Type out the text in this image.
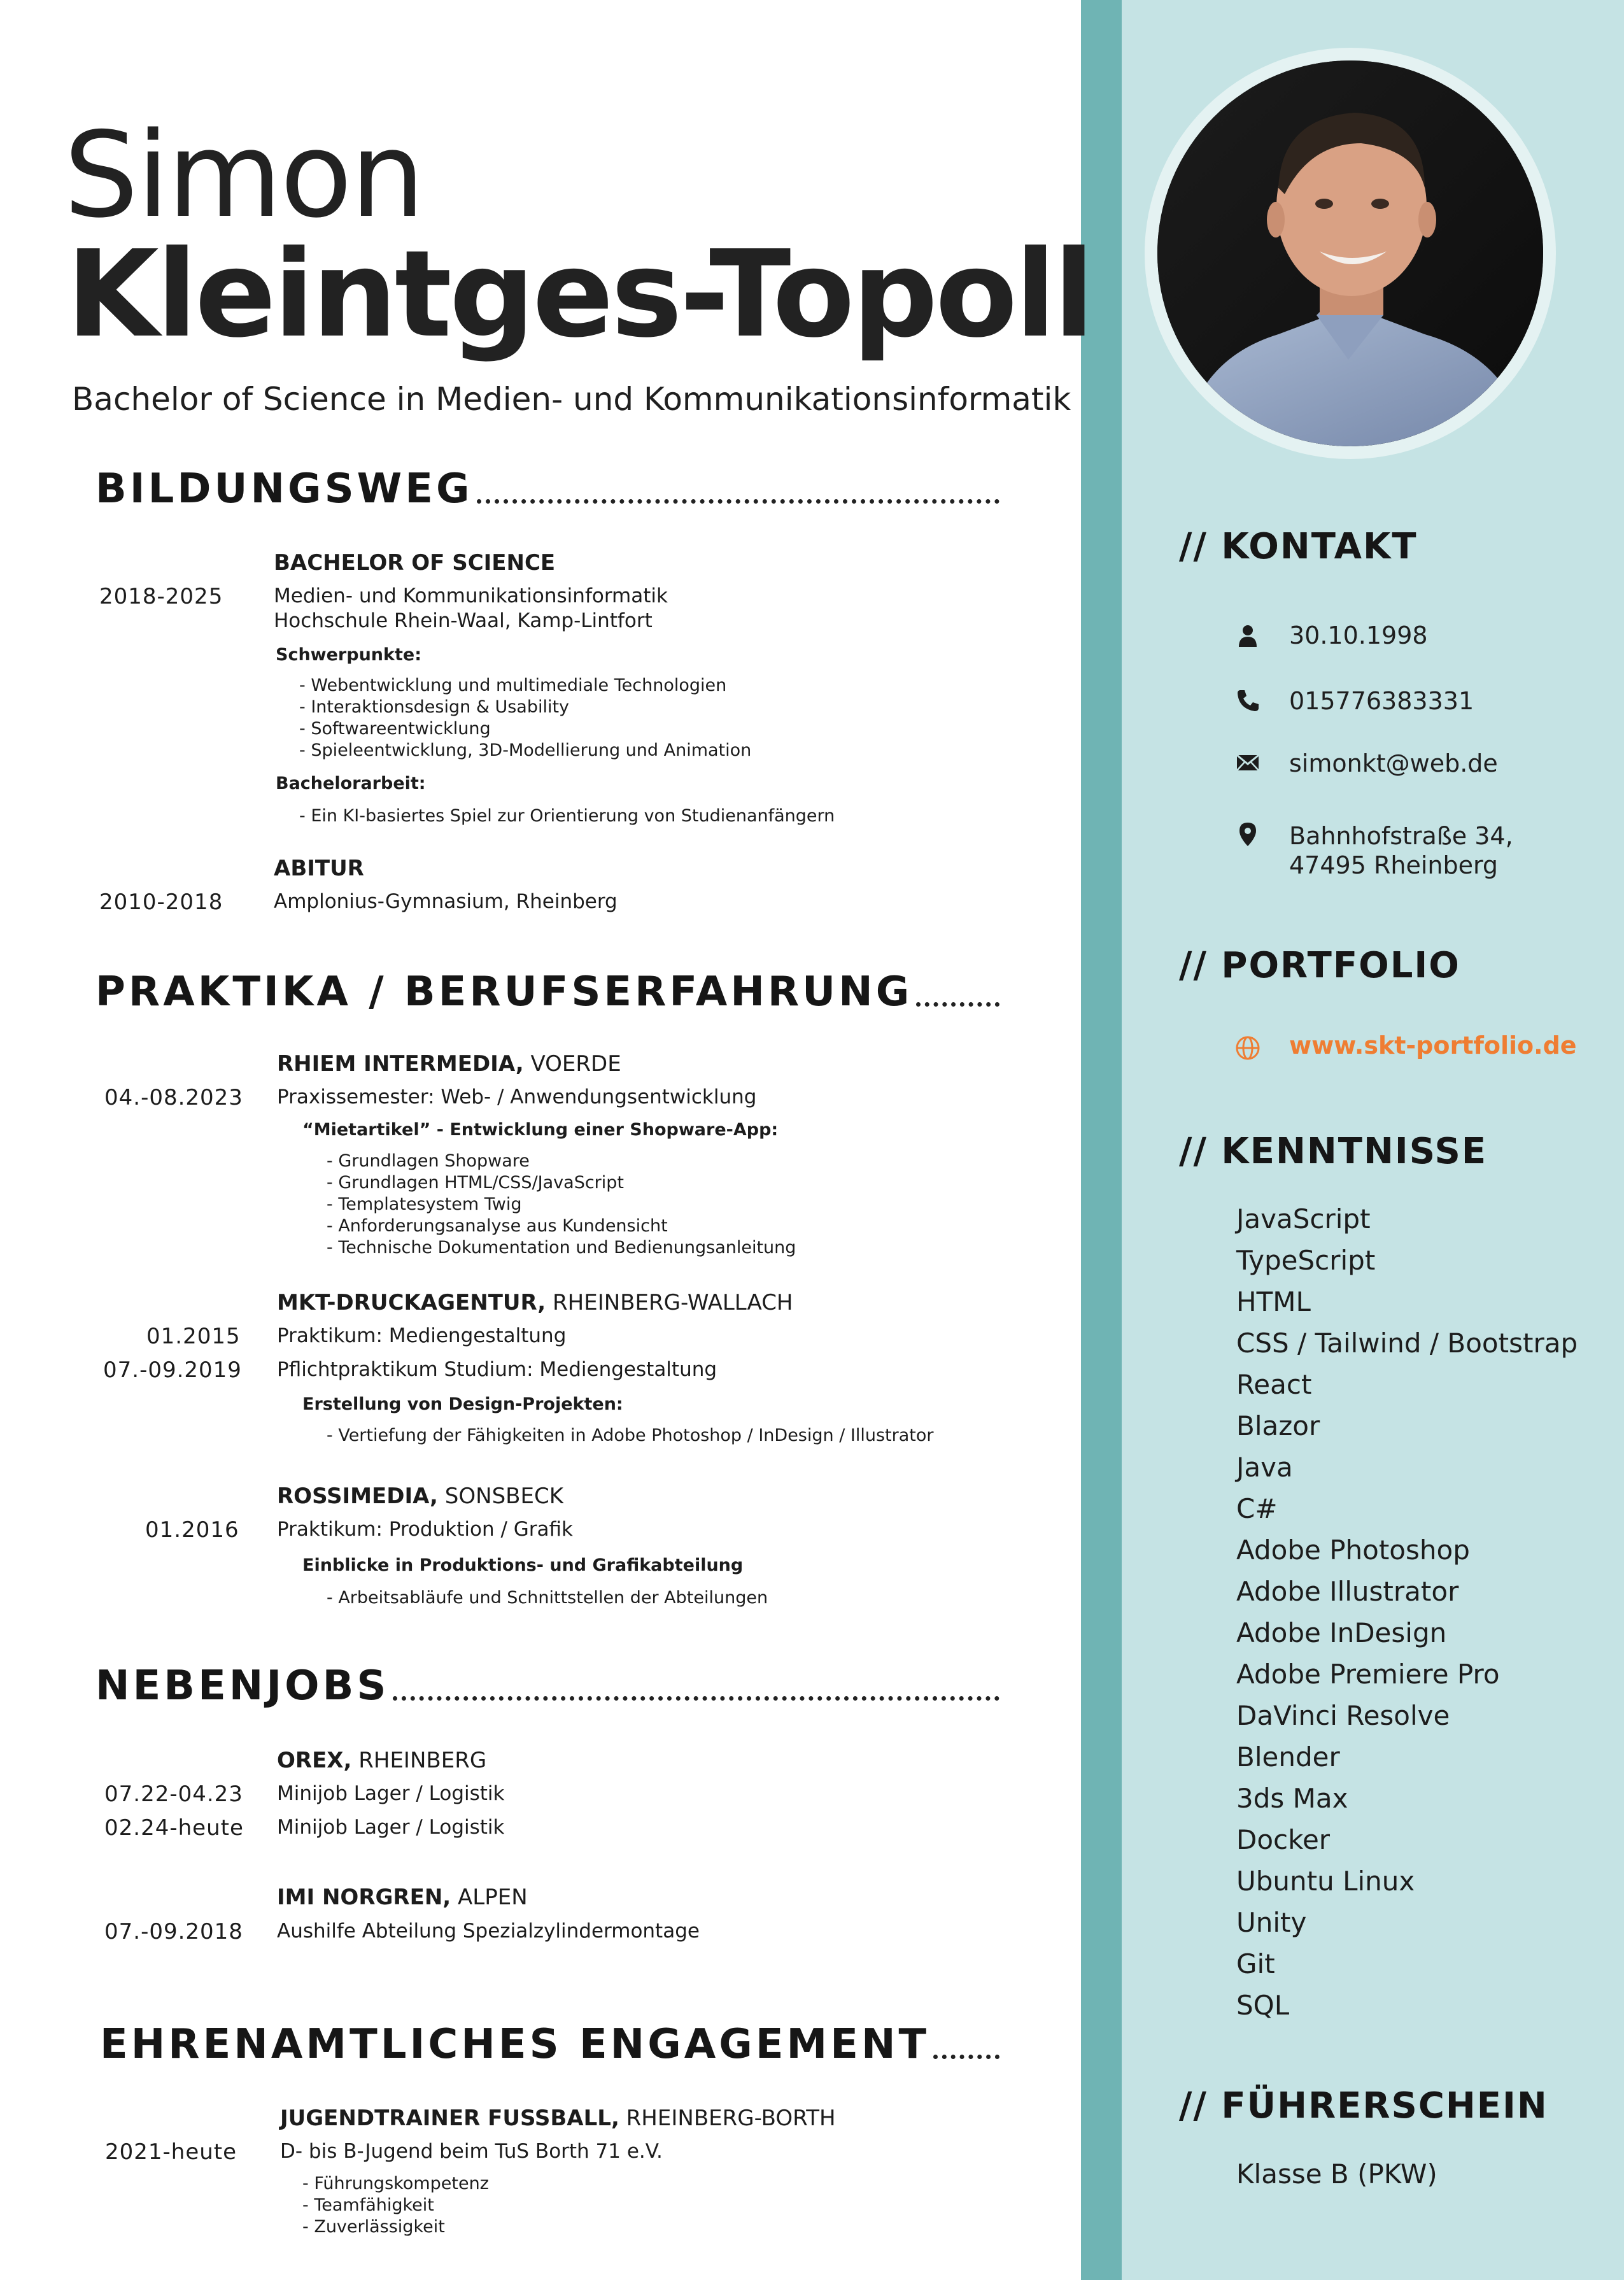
Simon
Kleintges-Topoll
Bachelor of Science in Medien- und Kommunikationsinformatik
BILDUNGSWEG
BACHELOR OF SCIENCE
2018-2025	Medien- und Kommunikationsinformatik
Hochschule Rhein-Waal, Kamp-Lintfort
Schwerpunkte:
- Webentwicklung und multimediale Technologien
- Interaktionsdesign & Usability
- Softwareentwicklung
- Spieleentwicklung, 3D-Modellierung und Animation
Bachelorarbeit:
- Ein KI-basiertes Spiel zur Orientierung von Studienanfängern
ABITUR
2010-2018	Amplonius-Gymnasium, Rheinberg
PRAKTIKA / BERUFSERFAHRUNG
RHIEM INTERMEDIA, VOERDE
04.-08.2023 Praxissemester: Web- / Anwendungsentwicklung
“Mietartikel” - Entwicklung einer Shopware-App:
- Grundlagen Shopware
- Grundlagen HTML/CSS/JavaScript
- Templatesystem Twig
- Anforderungsanalyse aus Kundensicht
- Technische Dokumentation und Bedienungsanleitung
MKT-DRUCKAGENTUR, RHEINBERG-WALLACH
01.2015 Praktikum: Mediengestaltung
07.-09.2019 Pflichtpraktikum Studium: Mediengestaltung
Erstellung von Design-Projekten:
- Vertiefung der Fähigkeiten in Adobe Photoshop / InDesign / Illustrator
ROSSIMEDIA, SONSBECK
01.2016 Praktikum: Produktion / Grafik
Einblicke in Produktions- und Grafikabteilung
- Arbeitsabläufe und Schnittstellen der Abteilungen
NEBENJOBS
OREX, RHEINBERG
07.22-04.23 Minijob Lager / Logistik
02.24-heute Minijob Lager / Logistik
IMI NORGREN, ALPEN
07.-09.2018 Aushilfe Abteilung Spezialzylindermontage
EHRENAMTLICHES ENGAGEMENT
JUGENDTRAINER FUSSBALL, RHEINBERG-BORTH
2021-heute D- bis B-Jugend beim TuS Borth 71 e.V.
- Führungskompetenz
- Teamfähigkeit
- Zuverlässigkeit
// KONTAKT
30.10.1998
015776383331
simonkt@web.de
Bahnhofstraße 34,
47495 Rheinberg
// PORTFOLIO
www.skt-portfolio.de
// KENNTNISSE
JavaScript
TypeScript
HTML
CSS / Tailwind / Bootstrap
React
Blazor
Java
C#
Adobe Photoshop
Adobe Illustrator
Adobe InDesign
Adobe Premiere Pro
DaVinci Resolve
Blender
3ds Max
Docker
Ubuntu Linux
Unity
Git
SQL
// FÜHRERSCHEIN
Klasse B (PKW)
